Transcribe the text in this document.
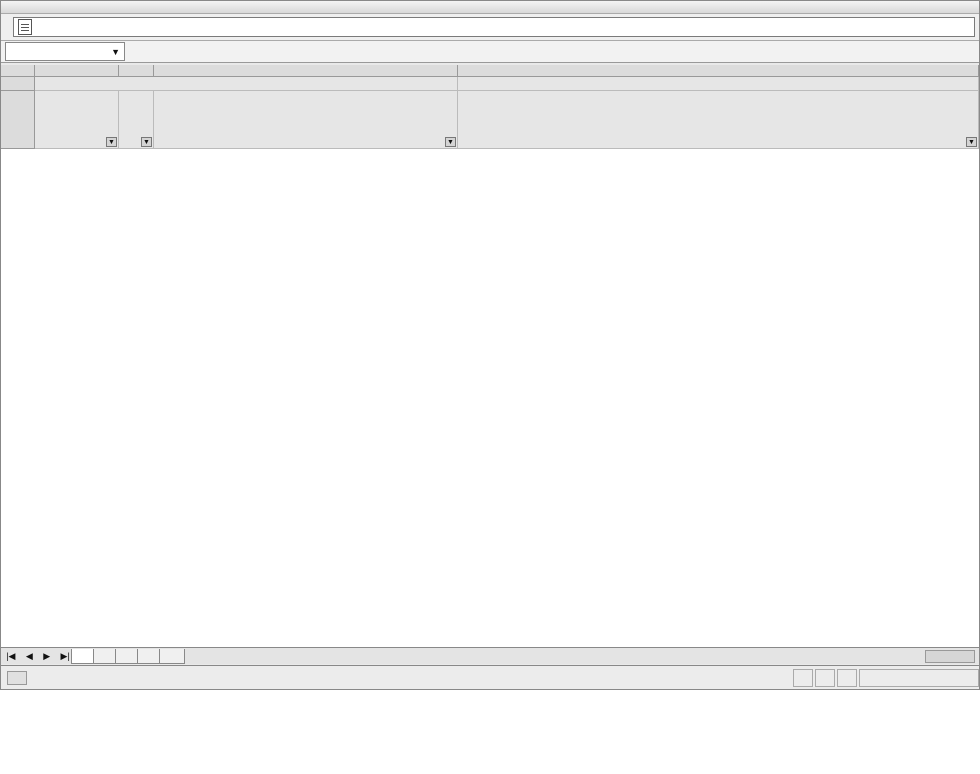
▼
▼	▼	▼	▼
|◀ ◀ ▶ ▶|
